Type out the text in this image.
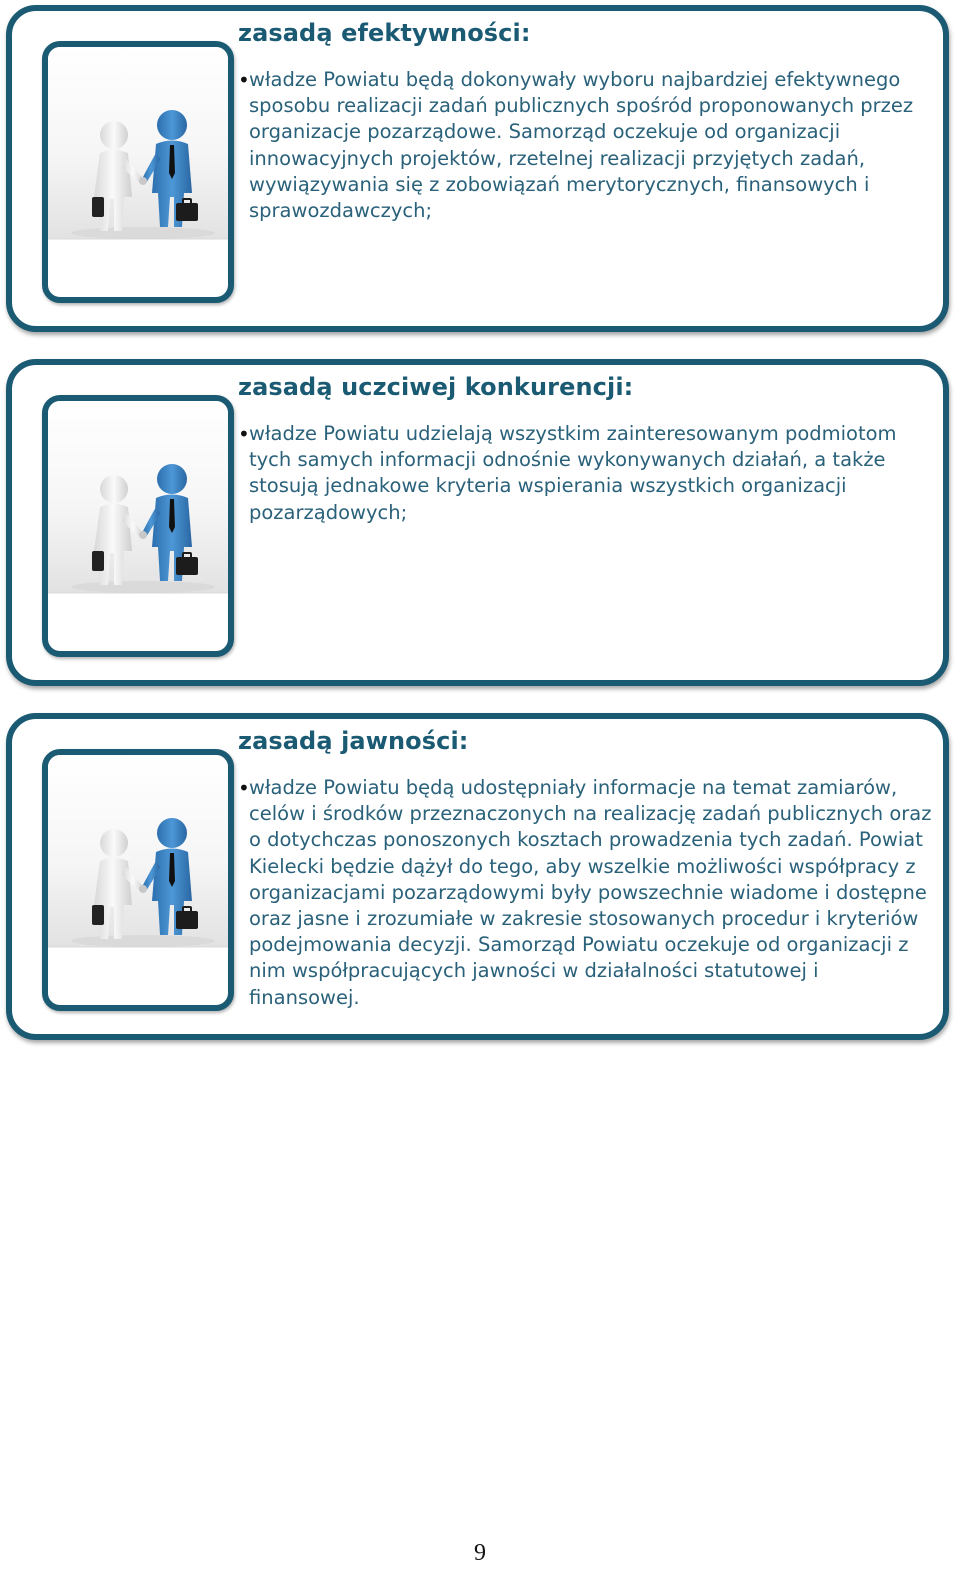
zasadą efektywności:
• władze Powiatu będą dokonywały wyboru najbardziej efektywnego sposobu realizacji zadań publicznych spośród proponowanych przez organizacje pozarządowe. Samorząd oczekuje od organizacji innowacyjnych projektów, rzetelnej realizacji przyjętych zadań, wywiązywania się z zobowiązań merytorycznych, finansowych i sprawozdawczych;

zasadą uczciwej konkurencji:
• władze Powiatu udzielają wszystkim zainteresowanym podmiotom tych samych informacji odnośnie wykonywanych działań, a także stosują jednakowe kryteria wspierania wszystkich organizacji pozarządowych;

zasadą jawności:
• władze Powiatu będą udostępniały informacje na temat zamiarów, celów i środków przeznaczonych na realizację zadań publicznych oraz o dotychczas ponoszonych kosztach prowadzenia tych zadań. Powiat Kielecki będzie dążył do tego, aby wszelkie możliwości współpracy z organizacjami pozarządowymi były powszechnie wiadome i dostępne oraz jasne i zrozumiałe w zakresie stosowanych procedur i kryteriów podejmowania decyzji. Samorząd Powiatu oczekuje od organizacji z nim współpracujących jawności w działalności statutowej i finansowej.

9
